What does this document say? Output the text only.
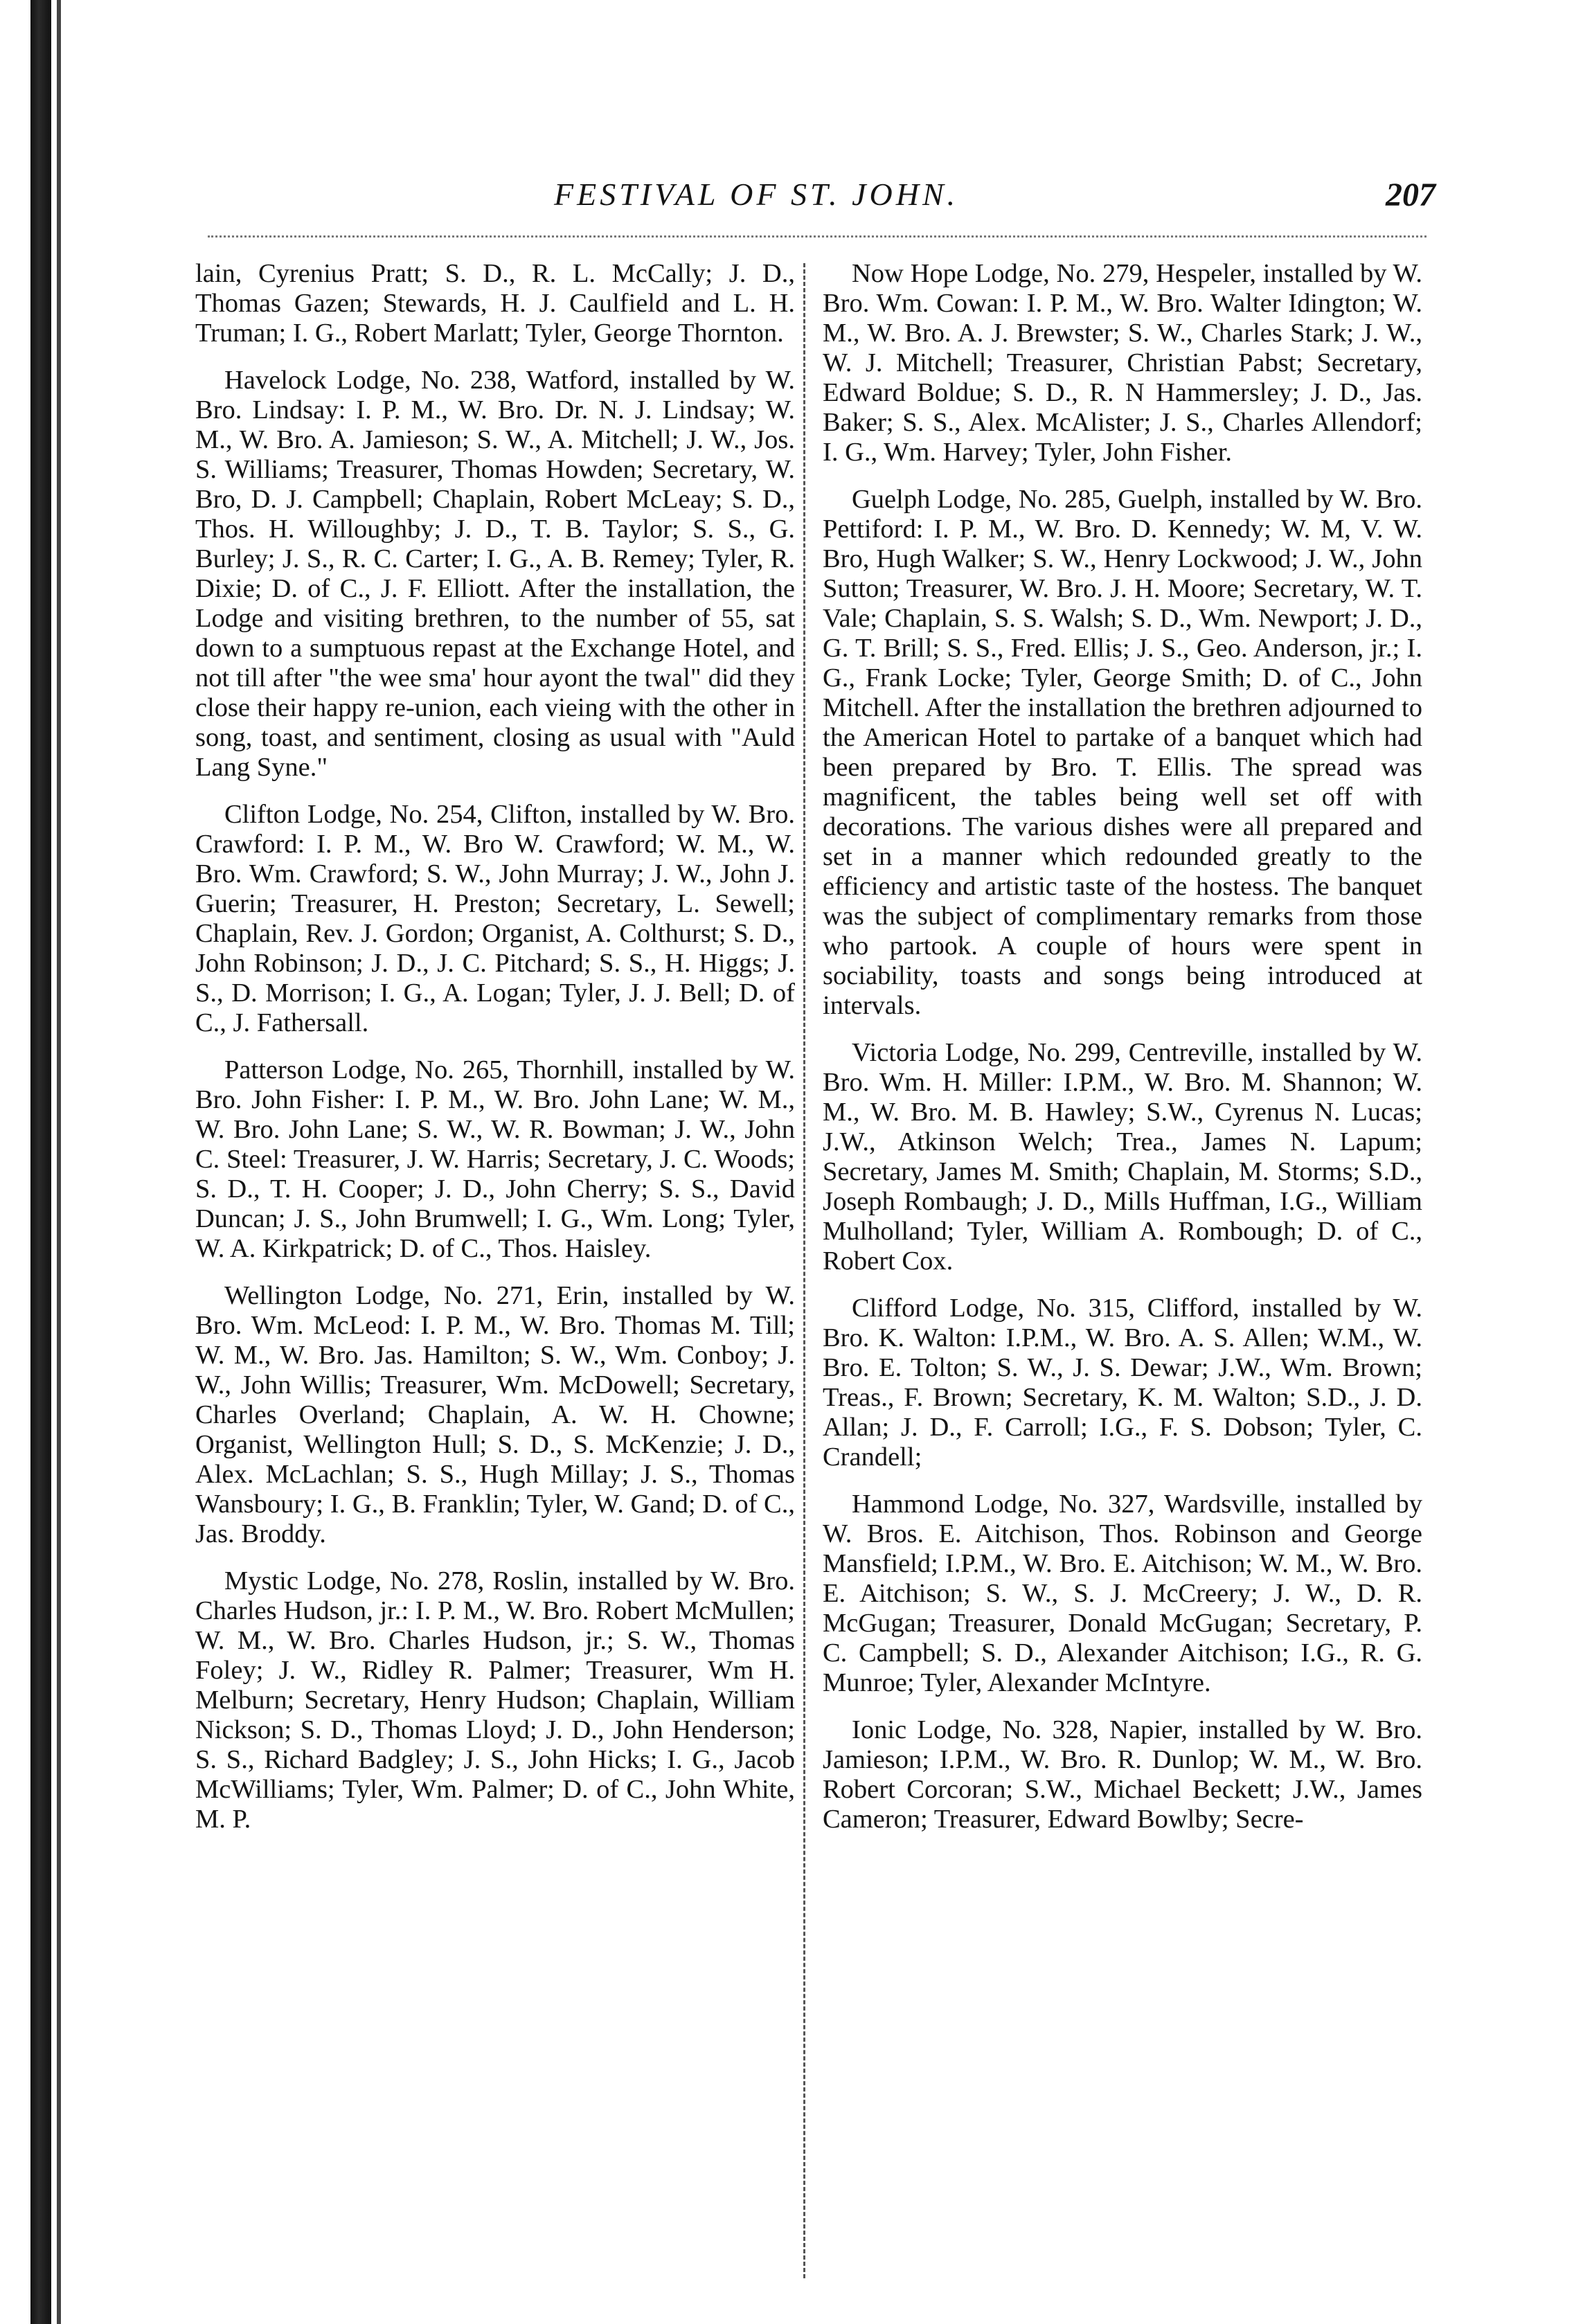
FESTIVAL OF ST. JOHN.	207

lain, Cyrenius Pratt; S. D., R. L. McCally; J. D., Thomas Gazen; Stewards, H. J. Caulfield and L. H. Truman; I. G., Robert Marlatt; Tyler, George Thornton.

Havelock Lodge, No. 238, Watford, installed by W. Bro. Lindsay: I. P. M., W. Bro. Dr. N. J. Lindsay; W. M., W. Bro. A. Jamieson; S. W., A. Mitchell; J. W., Jos. S. Williams; Treasurer, Thomas Howden; Secretary, W. Bro, D. J. Campbell; Chaplain, Robert McLeay; S. D., Thos. H. Willoughby; J. D., T. B. Taylor; S. S., G. Burley; J. S., R. C. Carter; I. G., A. B. Remey; Tyler, R. Dixie; D. of C., J. F. Elliott. After the installation, the Lodge and visiting brethren, to the number of 55, sat down to a sumptuous repast at the Exchange Hotel, and not till after "the wee sma' hour ayont the twal" did they close their happy re-union, each vieing with the other in song, toast, and sentiment, closing as usual with "Auld Lang Syne."

Clifton Lodge, No. 254, Clifton, installed by W. Bro. Crawford: I. P. M., W. Bro W. Crawford; W. M., W. Bro. Wm. Crawford; S. W., John Murray; J. W., John J. Guerin; Treasurer, H. Preston; Secretary, L. Sewell; Chaplain, Rev. J. Gordon; Organist, A. Colthurst; S. D., John Robinson; J. D., J. C. Pitchard; S. S., H. Higgs; J. S., D. Morrison; I. G., A. Logan; Tyler, J. J. Bell; D. of C., J. Fathersall.

Patterson Lodge, No. 265, Thornhill, installed by W. Bro. John Fisher: I. P. M., W. Bro. John Lane; W. M., W. Bro. John Lane; S. W., W. R. Bowman; J. W., John C. Steel: Treasurer, J. W. Harris; Secretary, J. C. Woods; S. D., T. H. Cooper; J. D., John Cherry; S. S., David Duncan; J. S., John Brumwell; I. G., Wm. Long; Tyler, W. A. Kirkpatrick; D. of C., Thos. Haisley.

Wellington Lodge, No. 271, Erin, installed by W. Bro. Wm. McLeod: I. P. M., W. Bro. Thomas M. Till; W. M., W. Bro. Jas. Hamilton; S. W., Wm. Conboy; J. W., John Willis; Treasurer, Wm. McDowell; Secretary, Charles Overland; Chaplain, A. W. H. Chowne; Organist, Wellington Hull; S. D., S. McKenzie; J. D., Alex. McLachlan; S. S., Hugh Millay; J. S., Thomas Wansboury; I. G., B. Franklin; Tyler, W. Gand; D. of C., Jas. Broddy.

Mystic Lodge, No. 278, Roslin, installed by W. Bro. Charles Hudson, jr.: I. P. M., W. Bro. Robert McMullen; W. M., W. Bro. Charles Hudson, jr.; S. W., Thomas Foley; J. W., Ridley R. Palmer; Treasurer, Wm H. Melburn; Secretary, Henry Hudson; Chaplain, William Nickson; S. D., Thomas Lloyd; J. D., John Henderson; S. S., Richard Badgley; J. S., John Hicks; I. G., Jacob McWilliams; Tyler, Wm. Palmer; D. of C., John White, M. P.

Now Hope Lodge, No. 279, Hespeler, installed by W. Bro. Wm. Cowan: I. P. M., W. Bro. Walter Idington; W. M., W. Bro. A. J. Brewster; S. W., Charles Stark; J. W., W. J. Mitchell; Treasurer, Christian Pabst; Secretary, Edward Boldue; S. D., R. N Hammersley; J. D., Jas. Baker; S. S., Alex. McAlister; J. S., Charles Allendorf; I. G., Wm. Harvey; Tyler, John Fisher.

Guelph Lodge, No. 285, Guelph, installed by W. Bro. Pettiford: I. P. M., W. Bro. D. Kennedy; W. M, V. W. Bro, Hugh Walker; S. W., Henry Lockwood; J. W., John Sutton; Treasurer, W. Bro. J. H. Moore; Secretary, W. T. Vale; Chaplain, S. S. Walsh; S. D., Wm. Newport; J. D., G. T. Brill; S. S., Fred. Ellis; J. S., Geo. Anderson, jr.; I. G., Frank Locke; Tyler, George Smith; D. of C., John Mitchell. After the installation the brethren adjourned to the American Hotel to partake of a banquet which had been prepared by Bro. T. Ellis. The spread was magnificent, the tables being well set off with decorations. The various dishes were all prepared and set in a manner which redounded greatly to the efficiency and artistic taste of the hostess. The banquet was the subject of complimentary remarks from those who partook. A couple of hours were spent in sociability, toasts and songs being introduced at intervals.

Victoria Lodge, No. 299, Centreville, installed by W. Bro. Wm. H. Miller: I.P.M., W. Bro. M. Shannon; W. M., W. Bro. M. B. Hawley; S.W., Cyrenus N. Lucas; J.W., Atkinson Welch; Trea., James N. Lapum; Secretary, James M. Smith; Chaplain, M. Storms; S.D., Joseph Rombaugh; J. D., Mills Huffman, I.G., William Mulholland; Tyler, William A. Rombough; D. of C., Robert Cox.

Clifford Lodge, No. 315, Clifford, installed by W. Bro. K. Walton: I.P.M., W. Bro. A. S. Allen; W.M., W. Bro. E. Tolton; S. W., J. S. Dewar; J.W., Wm. Brown; Treas., F. Brown; Secretary, K. M. Walton; S.D., J. D. Allan; J. D., F. Carroll; I.G., F. S. Dobson; Tyler, C. Crandell;

Hammond Lodge, No. 327, Wardsville, installed by W. Bros. E. Aitchison, Thos. Robinson and George Mansfield; I.P.M., W. Bro. E. Aitchison; W. M., W. Bro. E. Aitchison; S. W., S. J. McCreery; J. W., D. R. McGugan; Treasurer, Donald McGugan; Secretary, P. C. Campbell; S. D., Alexander Aitchison; I.G., R. G. Munroe; Tyler, Alexander McIntyre.

Ionic Lodge, No. 328, Napier, installed by W. Bro. Jamieson; I.P.M., W. Bro. R. Dunlop; W. M., W. Bro. Robert Corcoran; S.W., Michael Beckett; J.W., James Cameron; Treasurer, Edward Bowlby; Secre-
